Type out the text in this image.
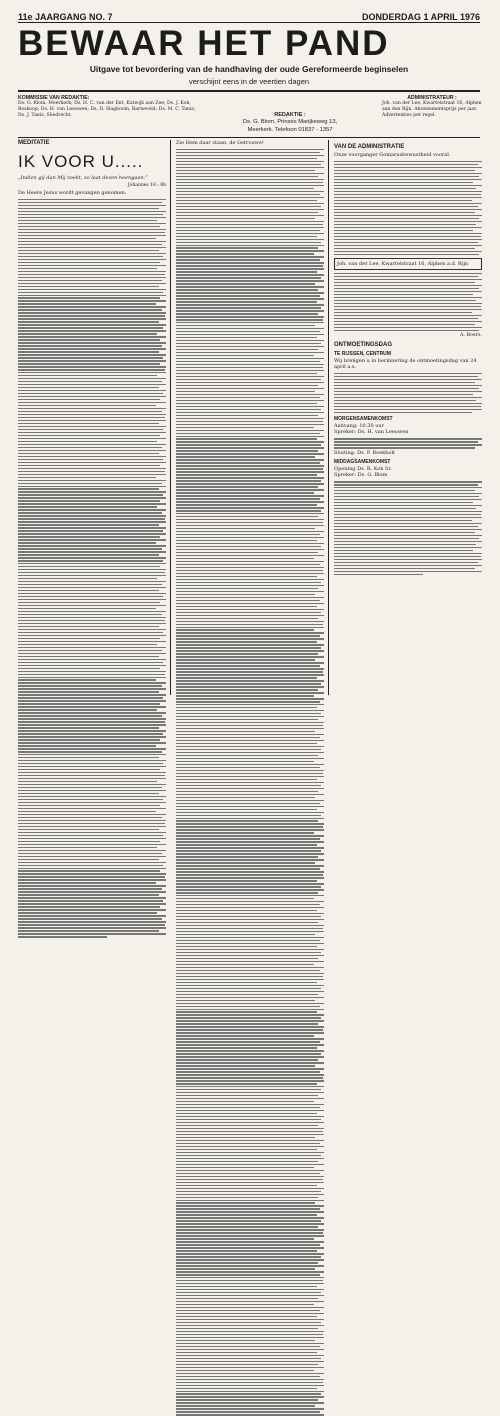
11e JAARGANG NO. 7	DONDERDAG 1 APRIL 1976
BEWAAR HET PAND
Uitgave tot bevordering van de handhaving der oude Gereformeerde beginselen
verschijnt eens in de veertien dagen
KOMMISSIE VAN REDAKTIE:
Ds. G. Blom, Meerkerk; Ds. H. C. van der Ent, Katwijk aan Zee; Ds. J. Kok, Boskoop; Ds. H. van Leeuwen; Ds. D. Slagboom, Barneveld; Ds. M. C. Tanis; Ds. J. Tanis, Sliedrecht.	REDAKTIE :
Ds. G. Blom, Prinses Marijkeweg 13,
Meerkerk. Telefoon 01837 - 1357
ADMINISTRATEUR :
Joh. van der Lee, Kwartelstraat 16, Alphen aan den Rijn. Abonnementsprijs per jaar. Advertenties per regel.
MEDITATIE
IK VOOR U.....
„Indien gij dan Mij zoekt, zo laat dezen heengaan.”
Johannes 18 : 8b
De Heere Jezus wordt gevangen genomen.
Zie Hem daar staan, de Getrouwe!
VAN DE ADMINISTRATIE
Onze voorganger Gomarusbewustheid vooral.
Joh. van der Lee, Kwartelstraat 16, Alphen a.d. Rijn
A. Boers.
ONTMOETINGSDAG
TE RIJSSEN, CENTRUM
Wij brengen u in herinnering de ontmoetingsdag van 24 april a.s.
MORGENSAMENKOMST
Aanvang: 10.30 uur
Spreker: Ds. H. van Leeuwen
Sluiting: Ds. P. Boekholt
MIDDAGSAMENKOMST
Opening Ds. R. Kok Sr.
Spreker: Ds. G. Blom
